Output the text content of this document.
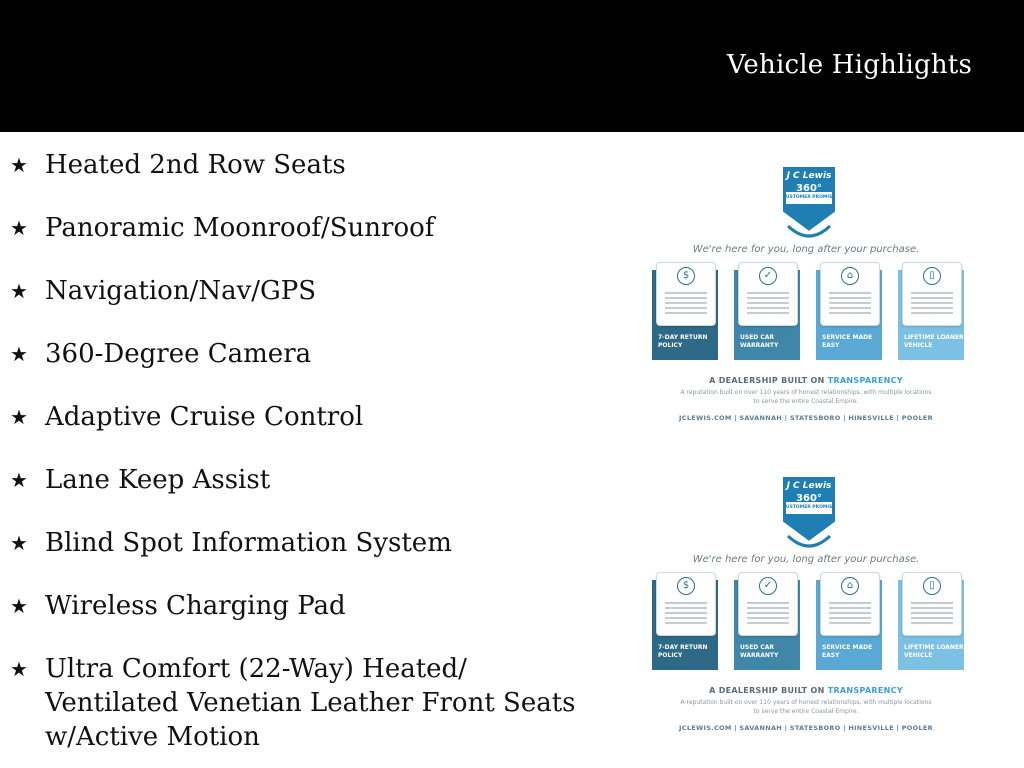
Vehicle Highlights
★ Heated 2nd Row Seats
★ Panoramic Moonroof/Sunroof
★ Navigation/Nav/GPS
★ 360-Degree Camera
★ Adaptive Cruise Control
★ Lane Keep Assist
★ Blind Spot Information System
★ Wireless Charging Pad
★ Ultra Comfort (22-Way) Heated/
Ventilated Venetian Leather Front Seats
w/Active Motion
J C Lewis
360°
CUSTOMER PROMISE
We're here for you, long after your purchase.
$
7-DAY RETURN
POLICY
✓
USED CAR
WARRANTY
⌂
SERVICE MADE
EASY
▯
LIFETIME LOANER
VEHICLE
A DEALERSHIP BUILT ON TRANSPARENCY
A reputation built on over 110 years of honest relationships, with multiple locations to serve the entire Coastal Empire.
JCLEWIS.COM | SAVANNAH | STATESBORO | HINESVILLE | POOLER
J C Lewis
360°
CUSTOMER PROMISE
We're here for you, long after your purchase.
$
7-DAY RETURN
POLICY
✓
USED CAR
WARRANTY
⌂
SERVICE MADE
EASY
▯
LIFETIME LOANER
VEHICLE
A DEALERSHIP BUILT ON TRANSPARENCY
A reputation built on over 110 years of honest relationships, with multiple locations to serve the entire Coastal Empire.
JCLEWIS.COM | SAVANNAH | STATESBORO | HINESVILLE | POOLER
